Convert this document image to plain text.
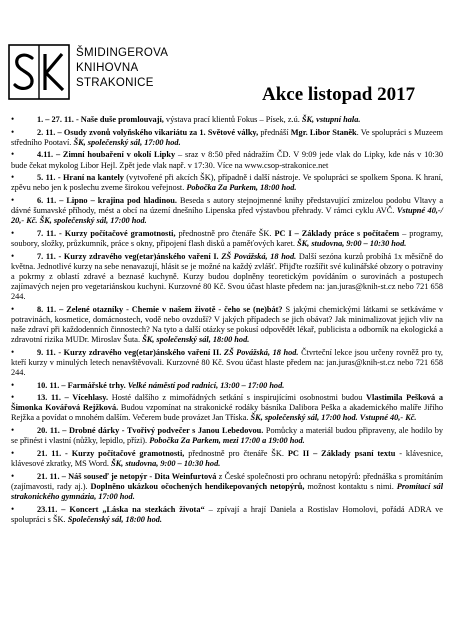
ŠMIDINGEROVA
KNIHOVNA
STRAKONICE
Akce listopad 2017
•1. – 27. 11. - Naše duše promlouvají, výstava prací klientů Fokus – Písek, z.ú. ŠK, vstupní hala.
•2. 11. – Osudy zvonů volyňského vikariátu za 1. Světové války, přednáší Mgr. Libor Staněk. Ve spolupráci s Muzeem středního Pootaví. ŠK, společenský sál, 17:00 hod.
•4.11. – Zimní houbaření v okolí Lipky – sraz v 8:50 před nádražím ČD. V 9:09 jede vlak do Lipky, kde nás v 10:30 bude čekat mykolog Libor Hejl. Zpět jede vlak např. v 17:30. Více na www.csop-strakonice.net
•5. 11. - Hraní na kantely (vytvořené při akcích ŠK), případně i další nástroje. Ve spolupráci se spolkem Spona. K hraní, zpěvu nebo jen k poslechu zveme širokou veřejnost. Pobočka Za Parkem, 18:00 hod.
•6. 11. – Lipno – krajina pod hladinou. Beseda s autory stejnojmenné knihy představující zmizelou podobu Vltavy a dávné šumavské příhody, mést a obcí na území dnešního Lipenska před výstavbou přehrady. V rámci cyklu AVČ. Vstupné 40,-/ 20,- Kč. ŠK, společenský sál, 17:00 hod.
•7. 11. - Kurzy počítačové gramotnosti, přednostně pro čtenáře ŠK. PC I – Základy práce s počítačem – programy, soubory, složky, průzkumník, práce s okny, připojení flash disků a paměťových karet. ŠK, studovna, 9:00 – 10:30 hod.
•7. 11. - Kurzy zdravého veg(etar)ánského vaření I. ZŠ Povážská, 18 hod. Další sezóna kurzů probíhá 1x měsíčně do května. Jednotlivé kurzy na sebe nenavazují, hlásit se je možné na každý zvlášť. Přijďte rozšířit své kulinářské obzory o potraviny a pokrmy z oblastí zdravé a beznasé kuchyně. Kurzy budou doplněny teoretickým povídáním o surovinách a postupech zajímavých nejen pro vegetariánskou kuchyni. Kurzovné 80 Kč. Svou účast hlaste předem na: jan.juras@knih-st.cz nebo 721 658 244.
•8. 11. – Zelené otazníky - Chemie v našem životě - čeho se (ne)bát? S jakými chemickými látkami se setkáváme v potravinách, kosmetice, domácnostech, vodě nebo ovzduší? V jakých případech se jich obávat? Jak minimalizovat jejich vliv na naše zdraví při každodenních činnostech? Na tyto a další otázky se pokusí odpovědět lékař, publicista a odborník na ekologická a zdravotní rizika MUDr. Miroslav Šuta. ŠK, společenský sál, 18:00 hod.
•9. 11. - Kurzy zdravého veg(etar)ánského vaření II. ZŠ Povážská, 18 hod. Čtvrteční lekce jsou určeny rovněž pro ty, kteří kurzy v minulých letech nenavštěvovali. Kurzovné 80 Kč. Svou účast hlaste předem na: jan.juras@knih-st.cz nebo 721 658 244.
•10. 11. – Farmářské trhy. Velké náměstí pod radnicí, 13:00 – 17:00 hod.
•13. 11. – Vícehlasy. Hosté dalšího z mimořádných setkání s inspirujícími osobnostmi budou Vlastimila Pešková a Šimonka Kovářová Rejžková. Budou vzpomínat na strakonické rodáky básníka Dalibora Peška a akademického malíře Jiřího Rejžka a povídat o mnohém dalším. Večerem bude provázet Jan Tříska. ŠK, společenský sál, 17:00 hod. Vstupné 40,- Kč.
•20. 11. – Drobné dárky - Tvořivý podvečer s Janou Lebedovou. Pomůcky a materiál budou připraveny, ale hodilo by se přinést i vlastní (nůžky, lepidlo, přízi). Pobočka Za Parkem, mezi 17:00 a 19:00 hod.
•21. 11. - Kurzy počítačové gramotnosti, přednostně pro čtenáře ŠK. PC II – Základy psaní textu - klávesnice, klávesové zkratky, MS Word. ŠK, studovna, 9:00 – 10:30 hod.
•21. 11. – Náš souseď je netopýr - Dita Weinfurtová z České společnosti pro ochranu netopýrů: přednáška s promítáním (zajímavosti, rady aj.). Doplněno ukázkou očochených hendikepovaných netopýrů, možnost kontaktu s nimi. Promítací sál strakonického gymnázia, 17:00 hod.
•23.11. – Koncert „Láska na stezkách života“ – zpívají a hrají Daniela a Rostislav Homolovi, pořádá ADRA ve spolupráci s ŠK. Společenský sál, 18:00 hod.
